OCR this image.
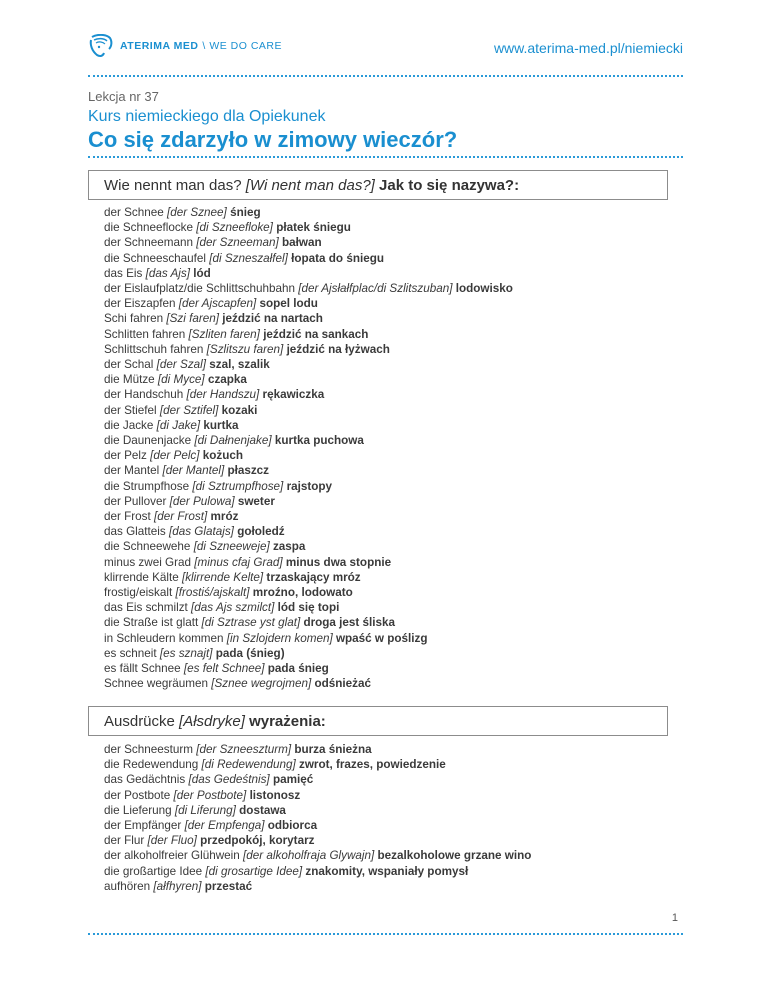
ATERIMA MED \ WE DO CARE	www.aterima-med.pl/niemiecki
Lekcja nr 37
Kurs niemieckiego dla Opiekunek
Co się zdarzyło w zimowy wieczór?
Wie nennt man das?
[Wi nent man das?]
Jak to się nazywa?:
der Schnee [der Sznee] śnieg
die Schneeflocke [di Szneefloke] płatek śniegu
der Schneemann [der Szneeman] bałwan
die Schneeschaufel [di Szneszałfel] łopata do śniegu
das Eis [das Ajs] lód
der Eislaufplatz/die Schlittschuhbahn [der Ajsłałfplac/di Szlitszuban] lodowisko
der Eiszapfen [der Ajscapfen] sopel lodu
Schi fahren [Szi faren] jeździć na nartach
Schlitten fahren [Szliten faren] jeździć na sankach
Schlittschuh fahren [Szlitszu faren] jeździć na łyżwach
der Schal [der Szal] szal, szalik
die Mütze [di Myce] czapka
der Handschuh [der Handszu] rękawiczka
der Stiefel [der Sztifel] kozaki
die Jacke [di Jake] kurtka
die Daunenjacke [di Dałnenjake] kurtka puchowa
der Pelz [der Pelc] kożuch
der Mantel [der Mantel] płaszcz
die Strumpfhose [di Sztrumpfhose] rajstopy
der Pullover [der Pulowa] sweter
der Frost [der Frost] mróz
das Glatteis [das Glatajs] gołoledź
die Schneewehe [di Szneeweje] zaspa
minus zwei Grad [minus cfaj Grad] minus dwa stopnie
klirrende Kälte [klirrende Kelte] trzaskający mróz
frostig/eiskalt [frostiś/ajskalt] mroźno, lodowato
das Eis schmilzt [das Ajs szmilct] lód się topi
die Straße ist glatt [di Sztrase yst glat] droga jest śliska
in Schleudern kommen [in Szlojdern komen] wpaść w poślizg
es schneit [es sznajt] pada (śnieg)
es fällt Schnee [es felt Schnee] pada śnieg
Schnee wegräumen [Sznee wegrojmen] odśnieżać
Ausdrücke
[Ałsdryke]
wyrażenia:
der Schneesturm [der Szneeszturm] burza śnieżna
die Redewendung [di Redewendung] zwrot, frazes, powiedzenie
das Gedächtnis [das Gedeśtnis] pamięć
der Postbote [der Postbote] listonosz
die Lieferung [di Liferung] dostawa
der Empfänger [der Empfenga] odbiorca
der Flur [der Fluo] przedpokój, korytarz
der alkoholfreier Glühwein [der alkoholfraja Glywajn] bezalkoholowe grzane wino
die großartige Idee [di grosartige Idee] znakomity, wspaniały pomysł
aufhören [ałfhyren] przestać
1
